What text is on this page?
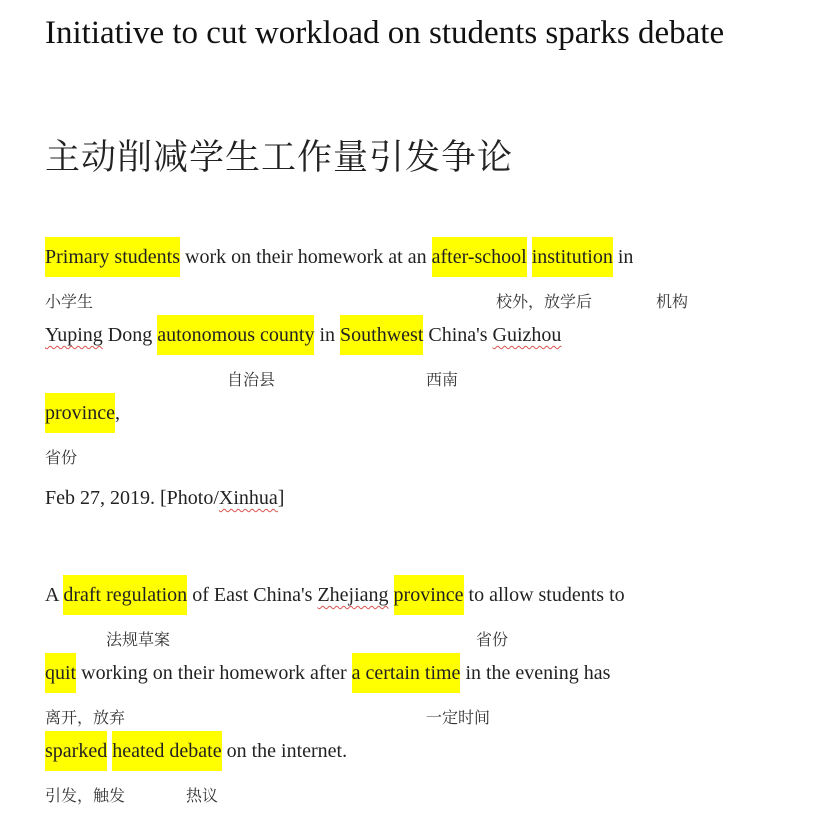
Initiative to cut workload on students sparks debate
主动削减学生工作量引发争论
Primary students work on their homework at an after-school institution in
小学生	校外，放学后	机构
Yuping Dong autonomous county in Southwest China's Guizhou
自治县	西南
province,
省份
Feb 27, 2019. [Photo/Xinhua]
A draft regulation of East China's Zhejiang province to allow students to
法规草案	省份
quit working on their homework after a certain time in the evening has
离开，放弃	一定时间
sparked heated debate on the internet.
引发，触发	热议
